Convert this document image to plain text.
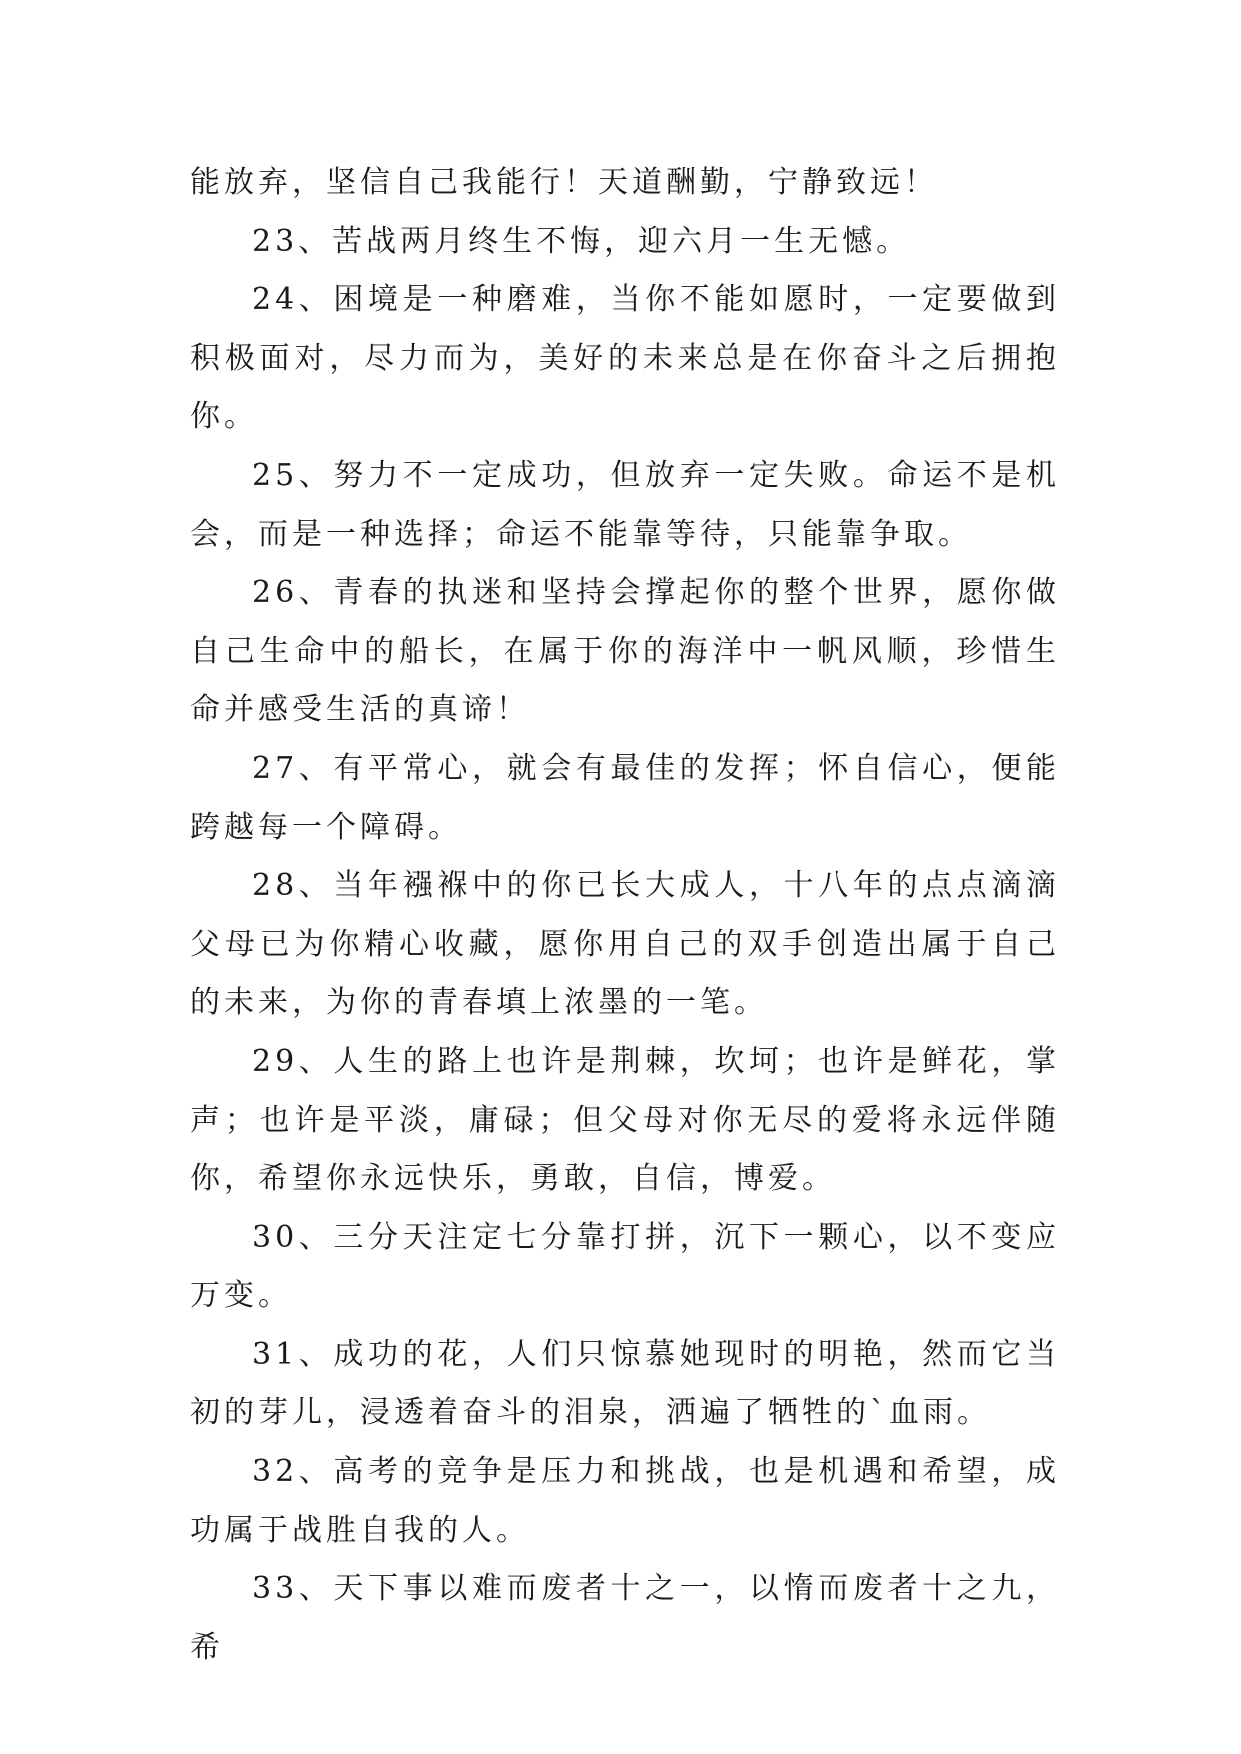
能放弃，坚信自己我能行！天道酬勤，宁静致远！

23、苦战两月终生不悔，迎六月一生无憾。

24、困境是一种磨难，当你不能如愿时，一定要做到积极面对，尽力而为，美好的未来总是在你奋斗之后拥抱你。

25、努力不一定成功，但放弃一定失败。命运不是机会，而是一种选择；命运不能靠等待，只能靠争取。

26、青春的执迷和坚持会撑起你的整个世界，愿你做自己生命中的船长，在属于你的海洋中一帆风顺，珍惜生命并感受生活的真谛！

27、有平常心，就会有最佳的发挥；怀自信心，便能跨越每一个障碍。

28、当年襁褓中的你已长大成人，十八年的点点滴滴父母已为你精心收藏，愿你用自己的双手创造出属于自己的未来，为你的青春填上浓墨的一笔。

29、人生的路上也许是荆棘，坎坷；也许是鲜花，掌声；也许是平淡，庸碌；但父母对你无尽的爱将永远伴随你，希望你永远快乐，勇敢，自信，博爱。

30、三分天注定七分靠打拼，沉下一颗心，以不变应万变。

31、成功的花，人们只惊慕她现时的明艳，然而它当初的芽儿，浸透着奋斗的泪泉，洒遍了牺牲的`血雨。

32、高考的竞争是压力和挑战，也是机遇和希望，成功属于战胜自我的人。

33、天下事以难而废者十之一，以惰而废者十之九，希
